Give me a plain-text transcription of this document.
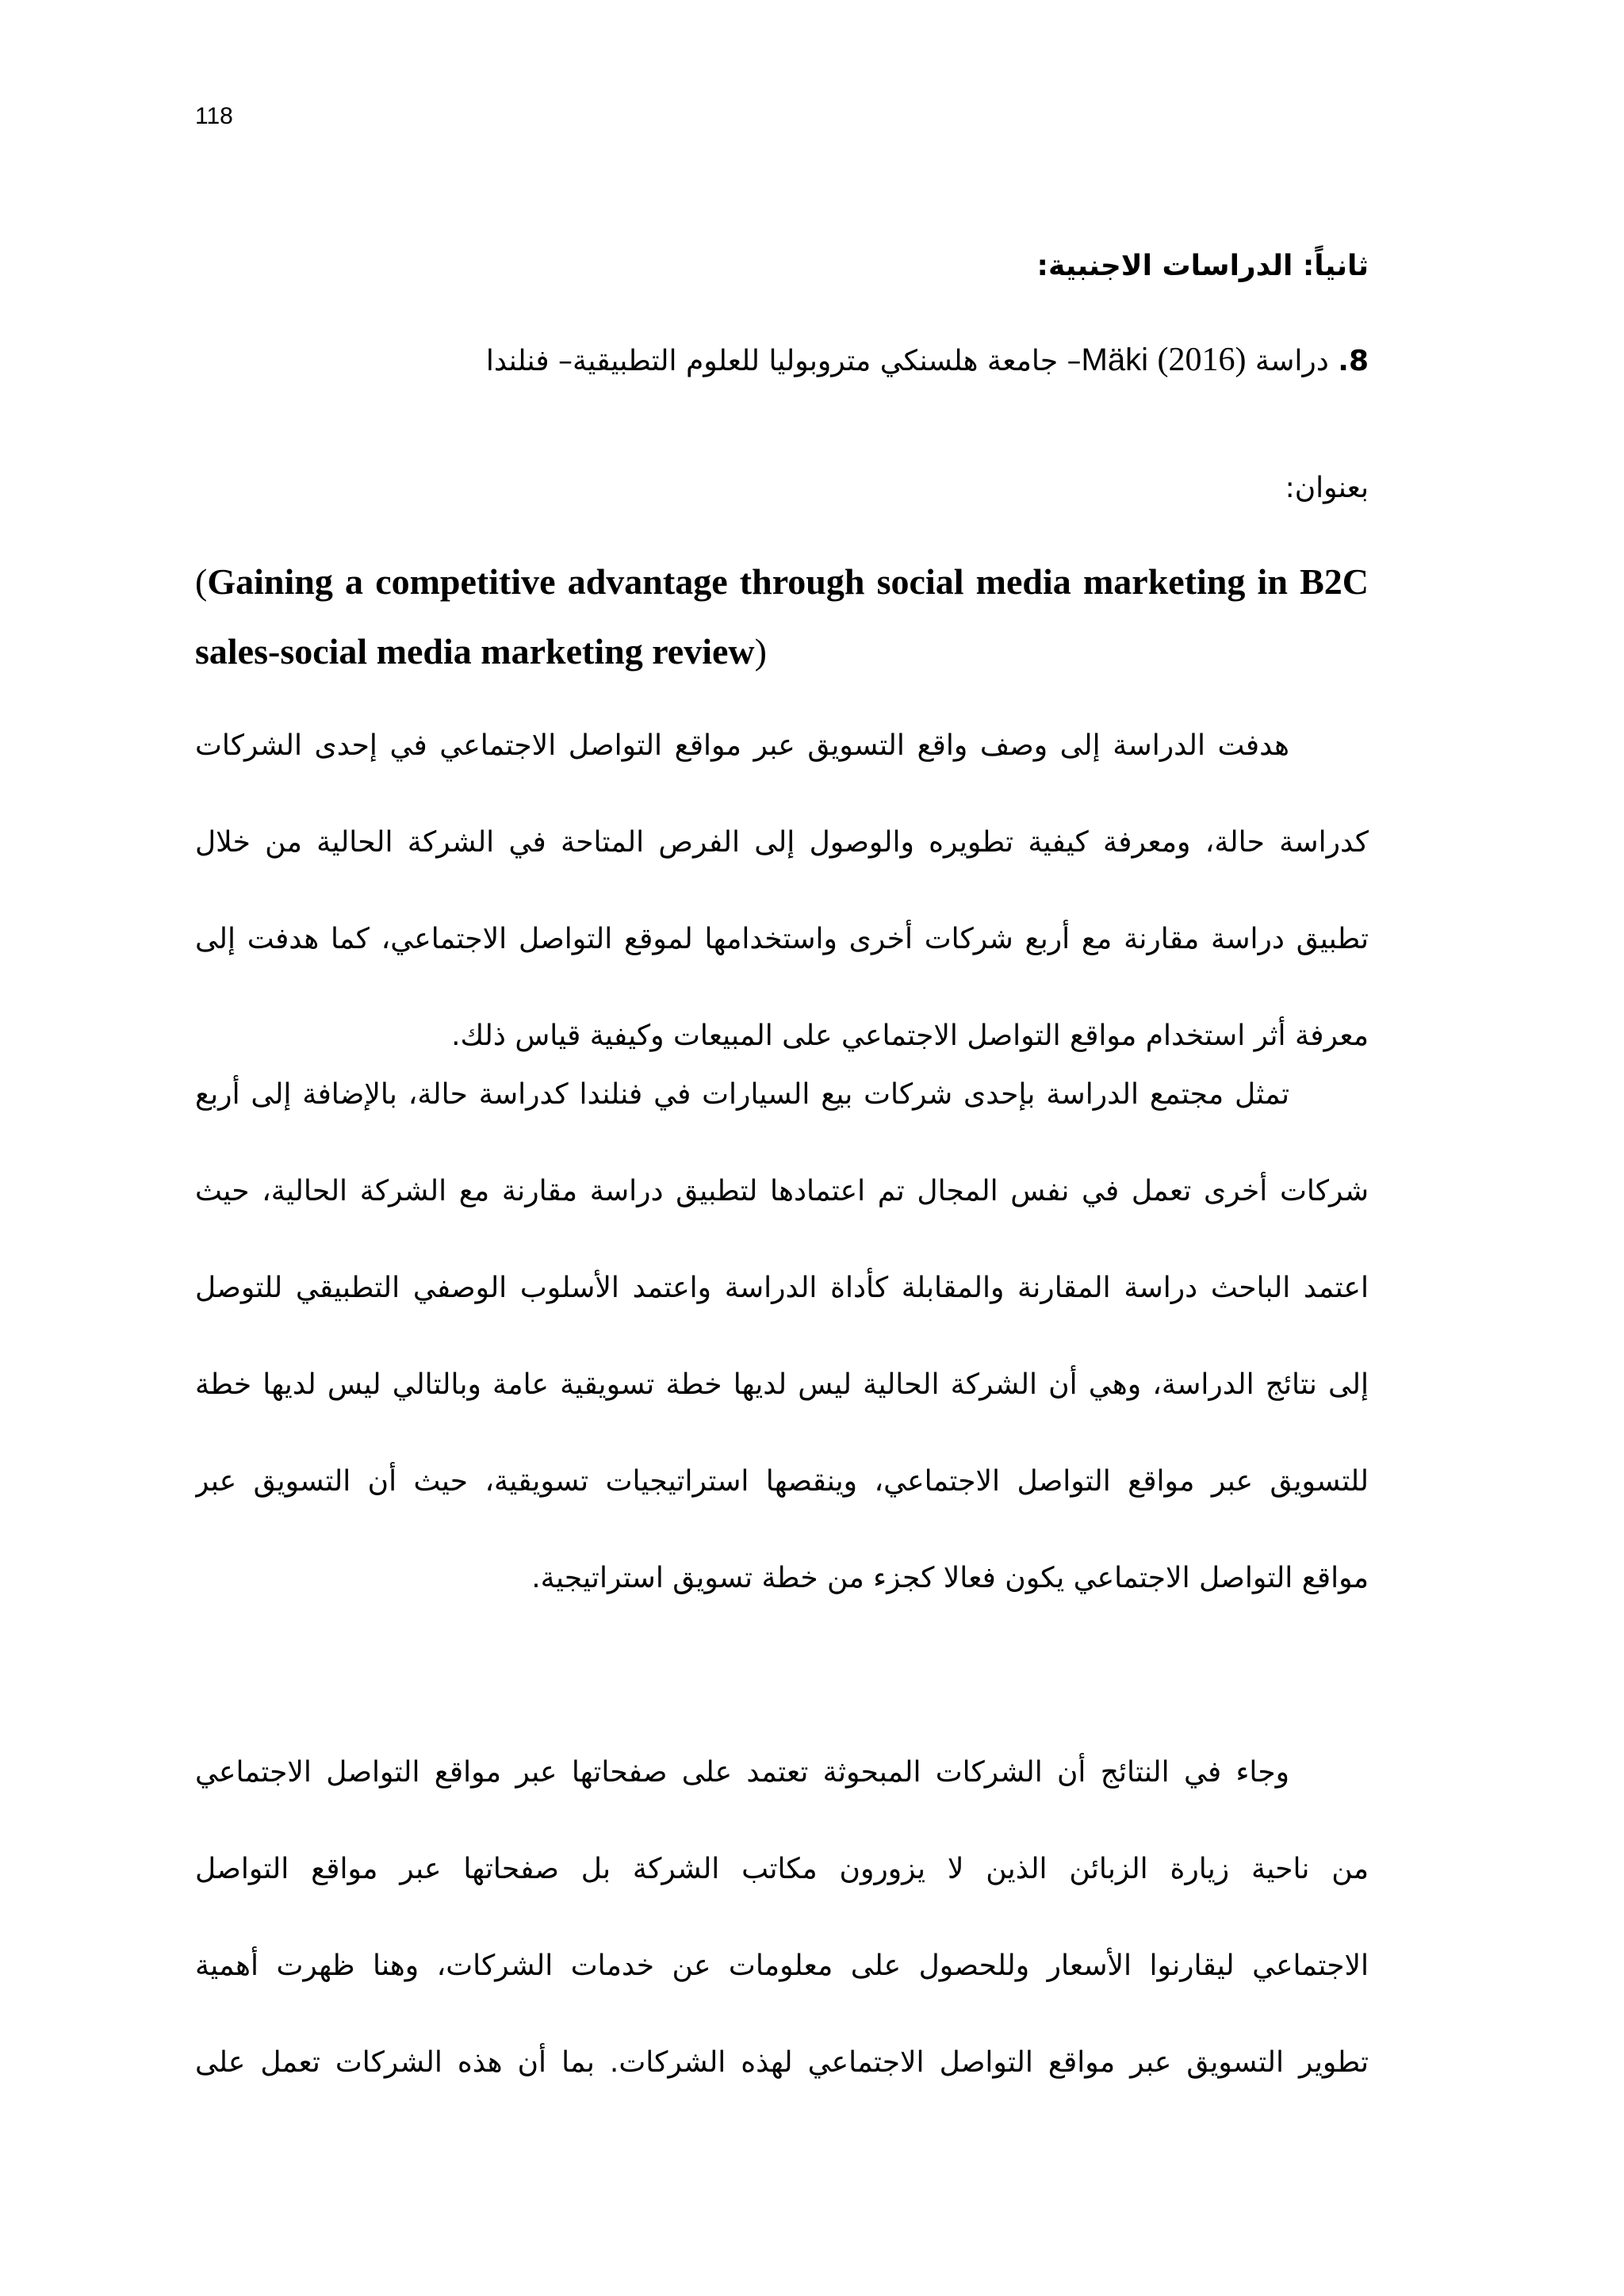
118
ثانياً: الدراسات الاجنبية:
8. دراسة (2016) Mäki– جامعة هلسنكي متروبوليا للعلوم التطبيقية– فنلندا
بعنوان:
(Gaining a competitive advantage through social media marketing in B2C sales-social media marketing review)
هدفت الدراسة إلى وصف واقع التسويق عبر مواقع التواصل الاجتماعي في إحدى الشركات
كدراسة حالة، ومعرفة كيفية تطويره والوصول إلى الفرص المتاحة في الشركة الحالية من خلال
تطبيق دراسة مقارنة مع أربع شركات أخرى واستخدامها لموقع التواصل الاجتماعي، كما هدفت إلى
معرفة أثر استخدام مواقع التواصل الاجتماعي على المبيعات وكيفية قياس ذلك.
تمثل مجتمع الدراسة بإحدى شركات بيع السيارات في فنلندا كدراسة حالة، بالإضافة إلى أربع
شركات أخرى تعمل في نفس المجال تم اعتمادها لتطبيق دراسة مقارنة مع الشركة الحالية، حيث
اعتمد الباحث دراسة المقارنة والمقابلة كأداة الدراسة واعتمد الأسلوب الوصفي التطبيقي للتوصل
إلى نتائج الدراسة، وهي أن الشركة الحالية ليس لديها خطة تسويقية عامة وبالتالي ليس لديها خطة
للتسويق عبر مواقع التواصل الاجتماعي، وينقصها استراتيجيات تسويقية، حيث أن التسويق عبر
مواقع التواصل الاجتماعي يكون فعالا كجزء من خطة تسويق استراتيجية.
وجاء في النتائج أن الشركات المبحوثة تعتمد على صفحاتها عبر مواقع التواصل الاجتماعي
من ناحية زيارة الزبائن الذين لا يزورون مكاتب الشركة بل صفحاتها عبر مواقع التواصل
الاجتماعي ليقارنوا الأسعار وللحصول على معلومات عن خدمات الشركات، وهنا ظهرت أهمية
تطوير التسويق عبر مواقع التواصل الاجتماعي لهذه الشركات. بما أن هذه الشركات تعمل على
